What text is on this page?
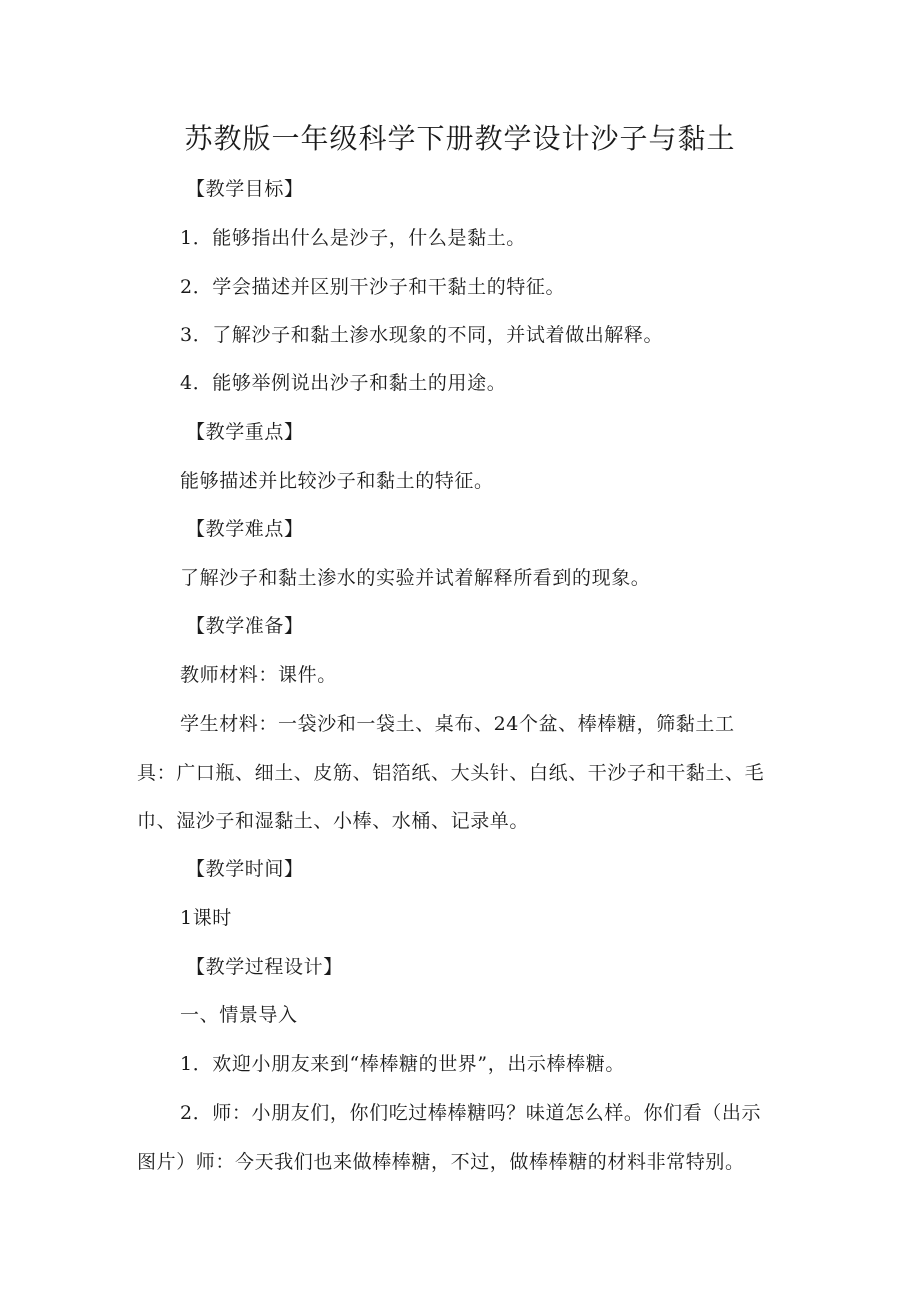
苏教版一年级科学下册教学设计沙子与黏土
【教学目标】
1．能够指出什么是沙子，什么是黏土。
2．学会描述并区别干沙子和干黏土的特征。
3．了解沙子和黏土渗水现象的不同，并试着做出解释。
4．能够举例说出沙子和黏土的用途。
【教学重点】
能够描述并比较沙子和黏土的特征。
【教学难点】
了解沙子和黏土渗水的实验并试着解释所看到的现象。
【教学准备】
教师材料：课件。
学生材料：一袋沙和一袋土、桌布、24个盆、棒棒糖，筛黏土工
具：广口瓶、细土、皮筋、铝箔纸、大头针、白纸、干沙子和干黏土、毛
巾、湿沙子和湿黏土、小棒、水桶、记录单。
【教学时间】
1课时
【教学过程设计】
一、情景导入
1．欢迎小朋友来到“棒棒糖的世界”，出示棒棒糖。
2．师：小朋友们，你们吃过棒棒糖吗？味道怎么样。你们看（出示
图片）师：今天我们也来做棒棒糖，不过，做棒棒糖的材料非常特别。
